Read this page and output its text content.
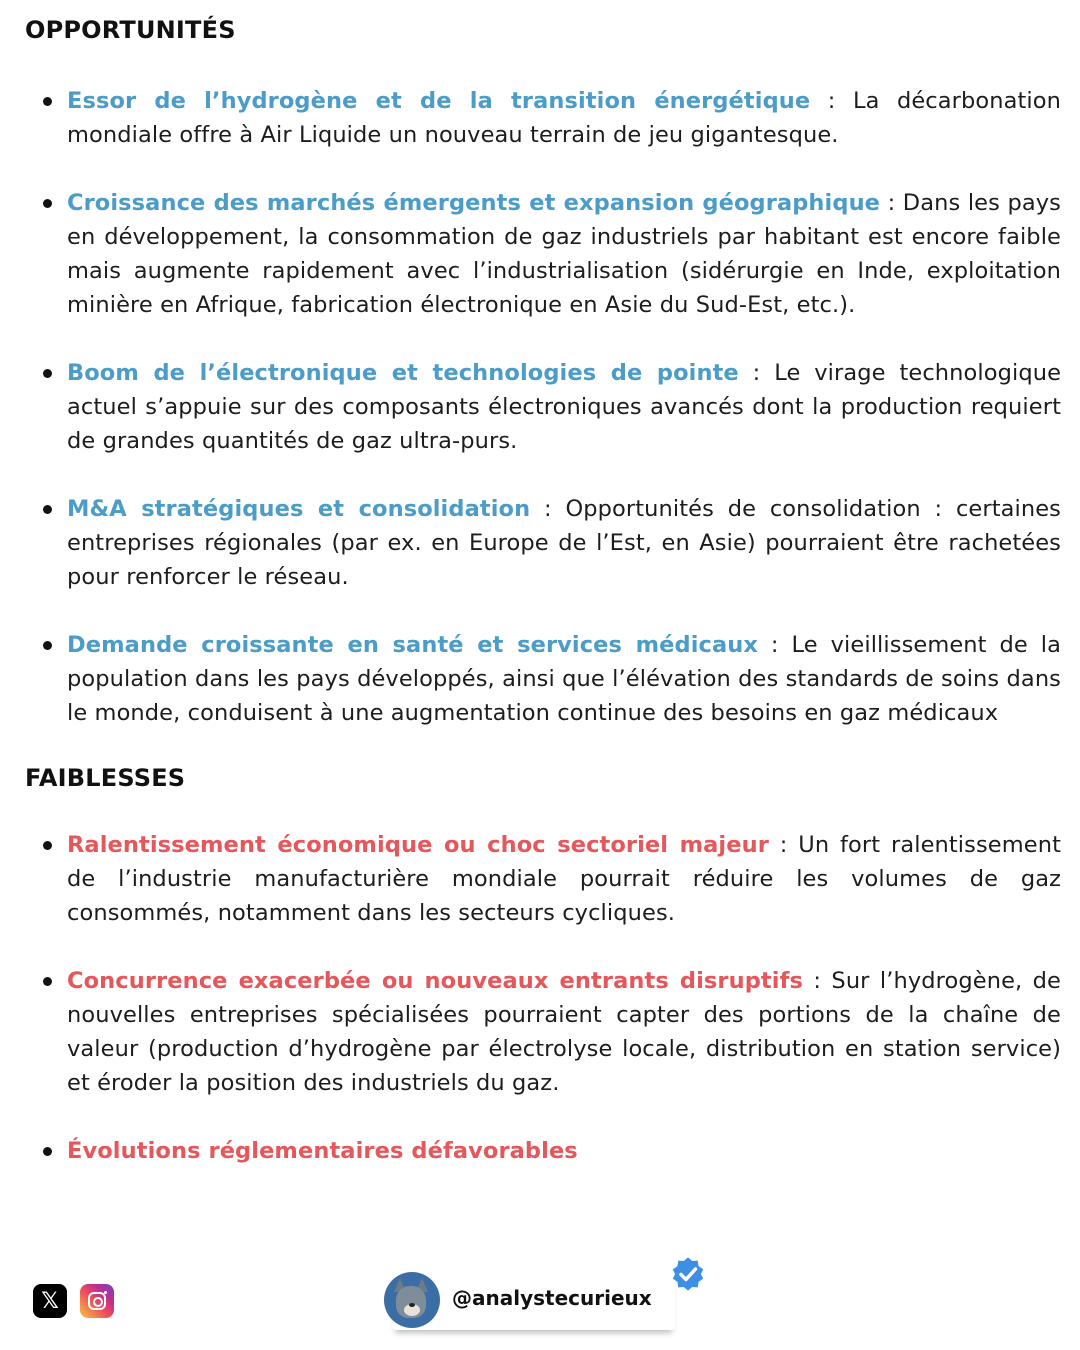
OPPORTUNITÉS
Essor de l’hydrogène et de la transition énergétique : La décarbonation mondiale offre à Air Liquide un nouveau terrain de jeu gigantesque.
Croissance des marchés émergents et expansion géographique : Dans les pays en développement, la consommation de gaz industriels par habitant est encore faible mais augmente rapidement avec l’industrialisation (sidérurgie en Inde, exploitation minière en Afrique, fabrication électronique en Asie du Sud-Est, etc.).
Boom de l’électronique et technologies de pointe : Le virage technologique actuel s’appuie sur des composants électroniques avancés dont la production requiert de grandes quantités de gaz ultra-purs.
M&A stratégiques et consolidation : Opportunités de consolidation : certaines entreprises régionales (par ex. en Europe de l’Est, en Asie) pourraient être rachetées pour renforcer le réseau.
Demande croissante en santé et services médicaux : Le vieillissement de la population dans les pays développés, ainsi que l’élévation des standards de soins dans le monde, conduisent à une augmentation continue des besoins en gaz médicaux
FAIBLESSES
Ralentissement économique ou choc sectoriel majeur : Un fort ralentissement de l’industrie manufacturière mondiale pourrait réduire les volumes de gaz consommés, notamment dans les secteurs cycliques.
Concurrence exacerbée ou nouveaux entrants disruptifs : Sur l’hydrogène, de nouvelles entreprises spécialisées pourraient capter des portions de la chaîne de valeur (production d’hydrogène par électrolyse locale, distribution en station service) et éroder la position des industriels du gaz.
Évolutions réglementaires défavorables
𝕏	@analystecurieux
